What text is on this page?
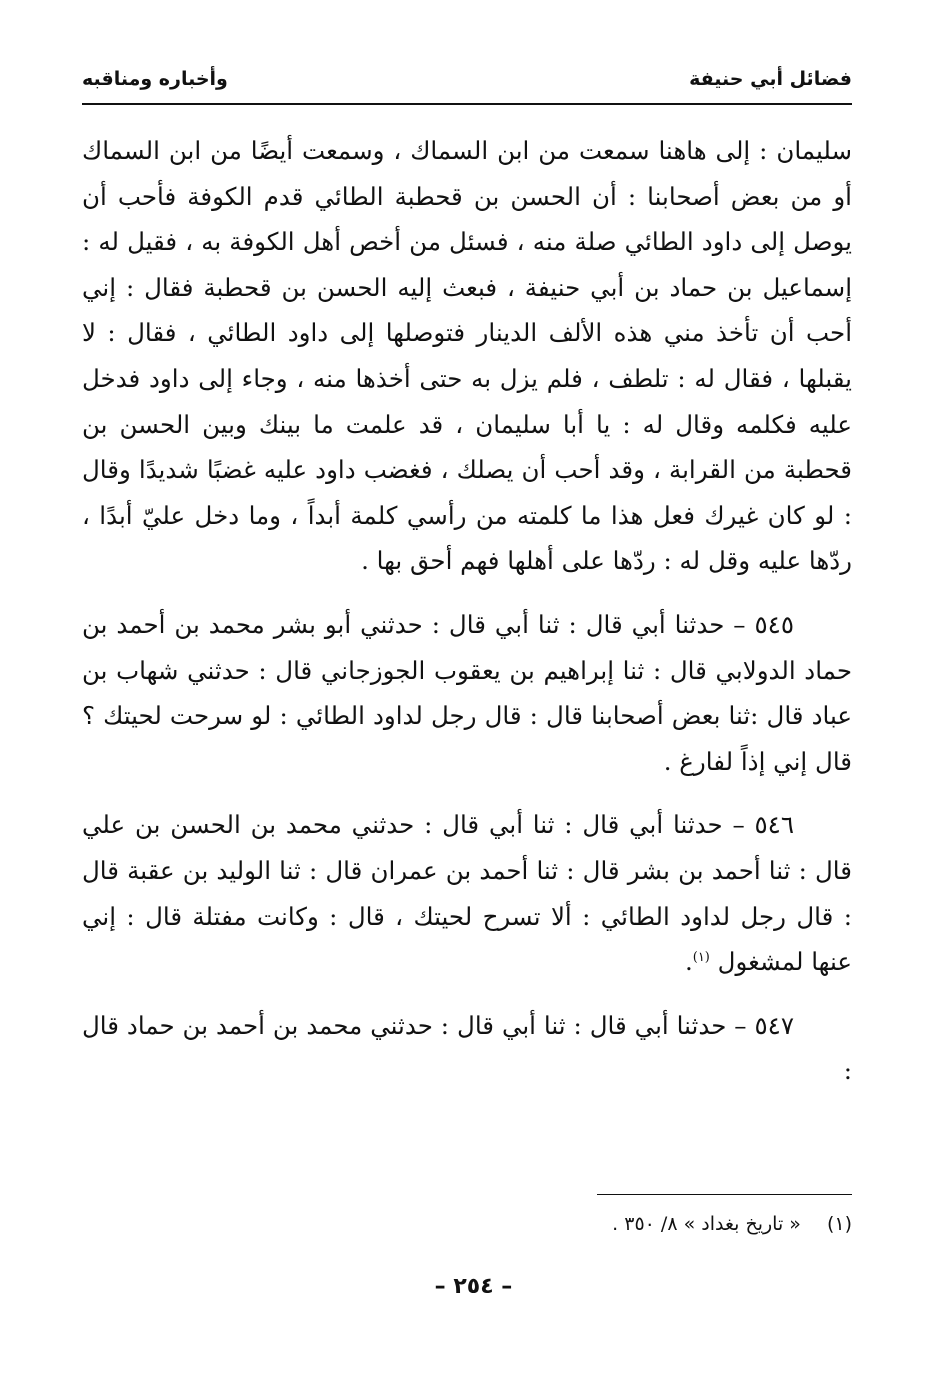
فضائل أبي حنيفة
وأخباره ومناقبه

سليمان : إلى هاهنا سمعت من ابن السماك ، وسمعت أيضًا من ابن السماك أو من بعض أصحابنا : أن الحسن بن قحطبة الطائي قدم الكوفة فأحب أن يوصل إلى داود الطائي صلة منه ، فسئل من أخص أهل الكوفة به ، فقيل له : إسماعيل بن حماد بن أبي حنيفة ، فبعث إليه الحسن بن قحطبة فقال : إني أحب أن تأخذ مني هذه الألف الدينار فتوصلها إلى داود الطائي ، فقال : لا يقبلها ، فقال له : تلطف ، فلم يزل به حتى أخذها منه ، وجاء إلى داود فدخل عليه فكلمه وقال له : يا أبا سليمان ، قد علمت ما بينك وبين الحسن بن قحطبة من القرابة ، وقد أحب أن يصلك ، فغضب داود عليه غضبًا شديدًا وقال : لو كان غيرك فعل هذا ما كلمته من رأسي كلمة أبداً ، وما دخل عليّ أبدًا ، ردّها عليه وقل له : ردّها على أهلها فهم أحق بها .

٥٤٥ – حدثنا أبي قال : ثنا أبي قال : حدثني أبو بشر محمد بن أحمد بن حماد الدولابي قال : ثنا إبراهيم بن يعقوب الجوزجاني قال : حدثني شهاب بن عباد قال :ثنا بعض أصحابنا قال : قال رجل لداود الطائي : لو سرحت لحيتك ؟ قال إني إذاً لفارغ .

٥٤٦ – حدثنا أبي قال : ثنا أبي قال : حدثني محمد بن الحسن بن علي قال : ثنا أحمد بن بشر قال : ثنا أحمد بن عمران قال : ثنا الوليد بن عقبة قال : قال رجل لداود الطائي : ألا تسرح لحيتك ، قال : وكانت مفتلة قال : إني عنها لمشغول $^{(١)}$.

٥٤٧ – حدثنا أبي قال : ثنا أبي قال : حدثني محمد بن أحمد بن حماد قال :

(١)« تاريخ بغداد » ٨/ ٣٥٠ .
– ٢٥٤ –
